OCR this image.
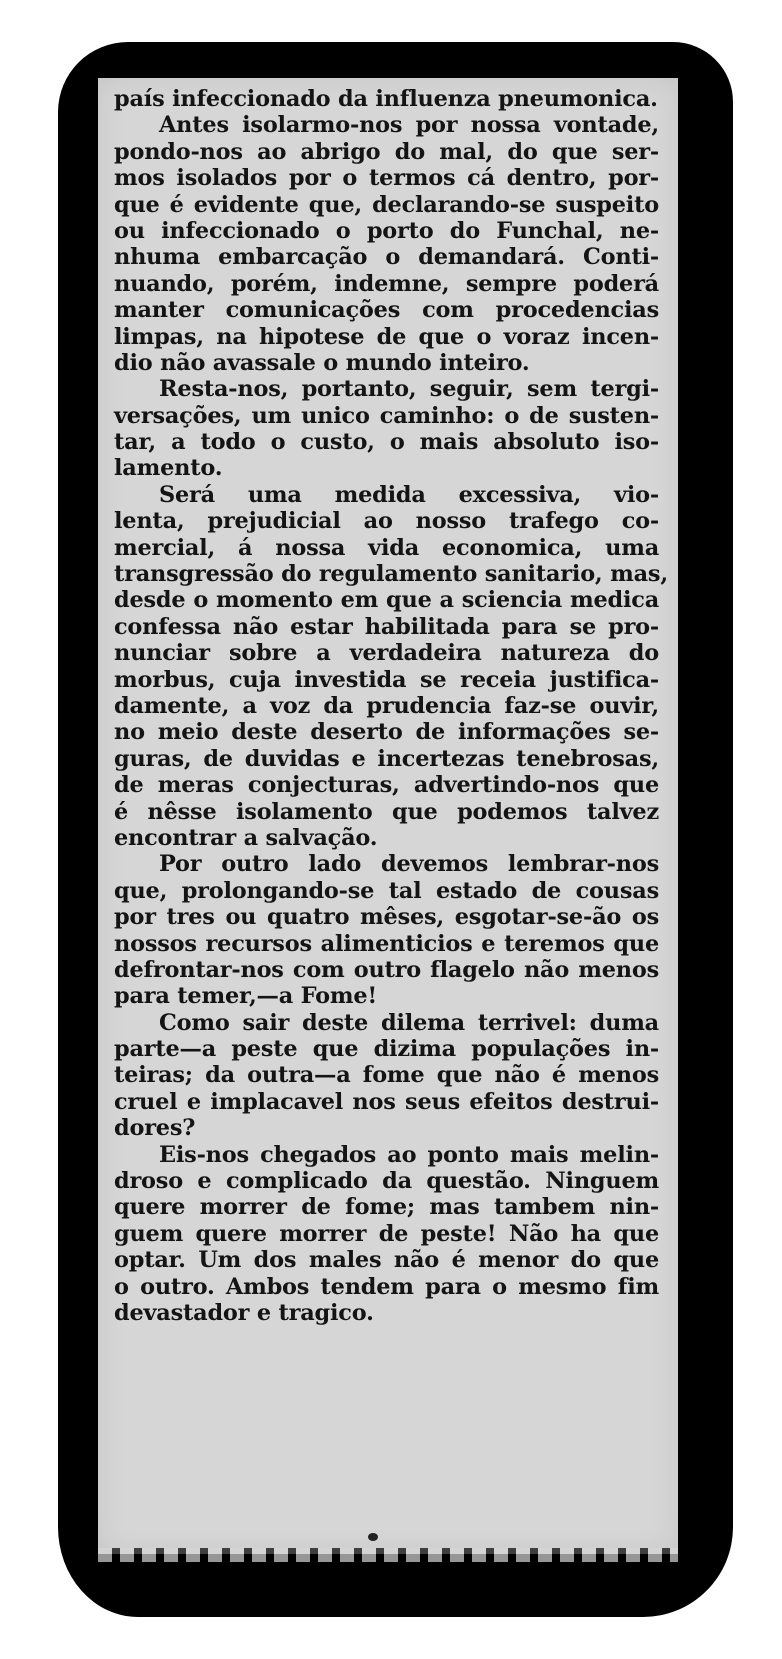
país infeccionado da influenza pneumonica.

Antes isolarmo-nos por nossa vontade,
pondo-nos ao abrigo do mal, do que ser-
mos isolados por o termos cá dentro, por-
que é evidente que, declarando-se suspeito
ou infeccionado o porto do Funchal, ne-
nhuma embarcação o demandará. Conti-
nuando, porém, indemne, sempre poderá
manter comunicações com procedencias
limpas, na hipotese de que o voraz incen-
dio não avassale o mundo inteiro.

Resta-nos, portanto, seguir, sem tergi-
versações, um unico caminho: o de susten-
tar, a todo o custo, o mais absoluto iso-
lamento.

Será uma medida excessiva, vio-
lenta, prejudicial ao nosso trafego co-
mercial, á nossa vida economica, uma
transgressão do regulamento sanitario, mas,
desde o momento em que a sciencia medica
confessa não estar habilitada para se pro-
nunciar sobre a verdadeira natureza do
morbus, cuja investida se receia justifica-
damente, a voz da prudencia faz-se ouvir,
no meio deste deserto de informações se-
guras, de duvidas e incertezas tenebrosas,
de meras conjecturas, advertindo-nos que
é nêsse isolamento que podemos talvez
encontrar a salvação.

Por outro lado devemos lembrar-nos
que, prolongando-se tal estado de cousas
por tres ou quatro mêses, esgotar-se-ão os
nossos recursos alimenticios e teremos que
defrontar-nos com outro flagelo não menos
para temer,—a Fome!

Como sair deste dilema terrivel: duma
parte—a peste que dizima populações in-
teiras; da outra—a fome que não é menos
cruel e implacavel nos seus efeitos destrui-
dores?

Eis-nos chegados ao ponto mais melin-
droso e complicado da questão. Ninguem
quere morrer de fome; mas tambem nin-
guem quere morrer de peste! Não ha que
optar. Um dos males não é menor do que
o outro. Ambos tendem para o mesmo fim
devastador e tragico.
